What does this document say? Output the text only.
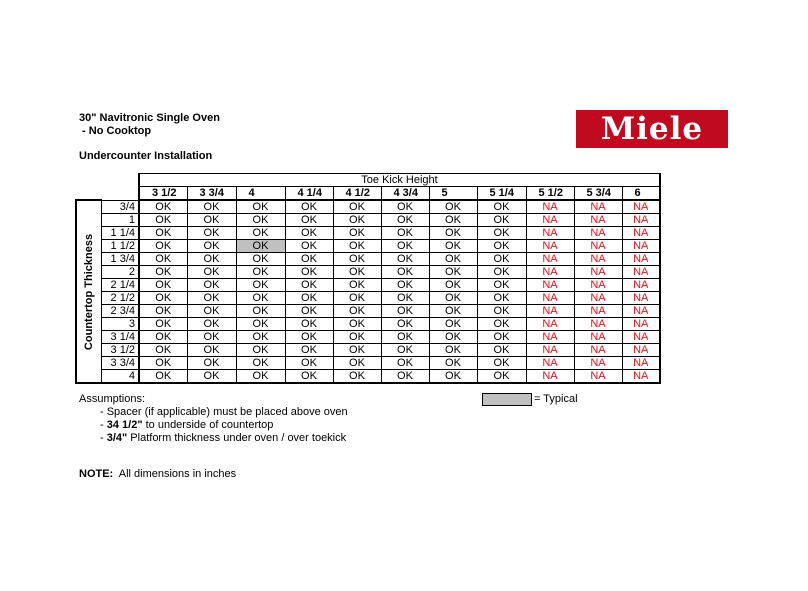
30" Navitronic Single Oven
- No Cooktop
Undercounter Installation
Miele
		Toe Kick Height										
		3 1/2	3 3/4	4	4 1/4	4 1/2	4 3/4	5	5 1/4	5 1/2	5 3/4	6

Countertop Thickness	3/4	OK	OK	OK	OK	OK	OK	OK	OK	NA	NA	NA
	1	OK	OK	OK	OK	OK	OK	OK	OK	NA	NA	NA
	1 1/4	OK	OK	OK	OK	OK	OK	OK	OK	NA	NA	NA
	1 1/2	OK	OK	OK	OK	OK	OK	OK	OK	NA	NA	NA
	1 3/4	OK	OK	OK	OK	OK	OK	OK	OK	NA	NA	NA
	2	OK	OK	OK	OK	OK	OK	OK	OK	NA	NA	NA
	2 1/4	OK	OK	OK	OK	OK	OK	OK	OK	NA	NA	NA
	2 1/2	OK	OK	OK	OK	OK	OK	OK	OK	NA	NA	NA
	2 3/4	OK	OK	OK	OK	OK	OK	OK	OK	NA	NA	NA
	3	OK	OK	OK	OK	OK	OK	OK	OK	NA	NA	NA
	3 1/4	OK	OK	OK	OK	OK	OK	OK	OK	NA	NA	NA
	3 1/2	OK	OK	OK	OK	OK	OK	OK	OK	NA	NA	NA
	3 3/4	OK	OK	OK	OK	OK	OK	OK	OK	NA	NA	NA
	4	OK	OK	OK	OK	OK	OK	OK	OK	NA	NA	NA
Assumptions:
- Spacer (if applicable) must be placed above oven
- 34 1/2" to underside of countertop
- 3/4" Platform thickness under oven / over toekick
= Typical
NOTE:  All dimensions in inches
